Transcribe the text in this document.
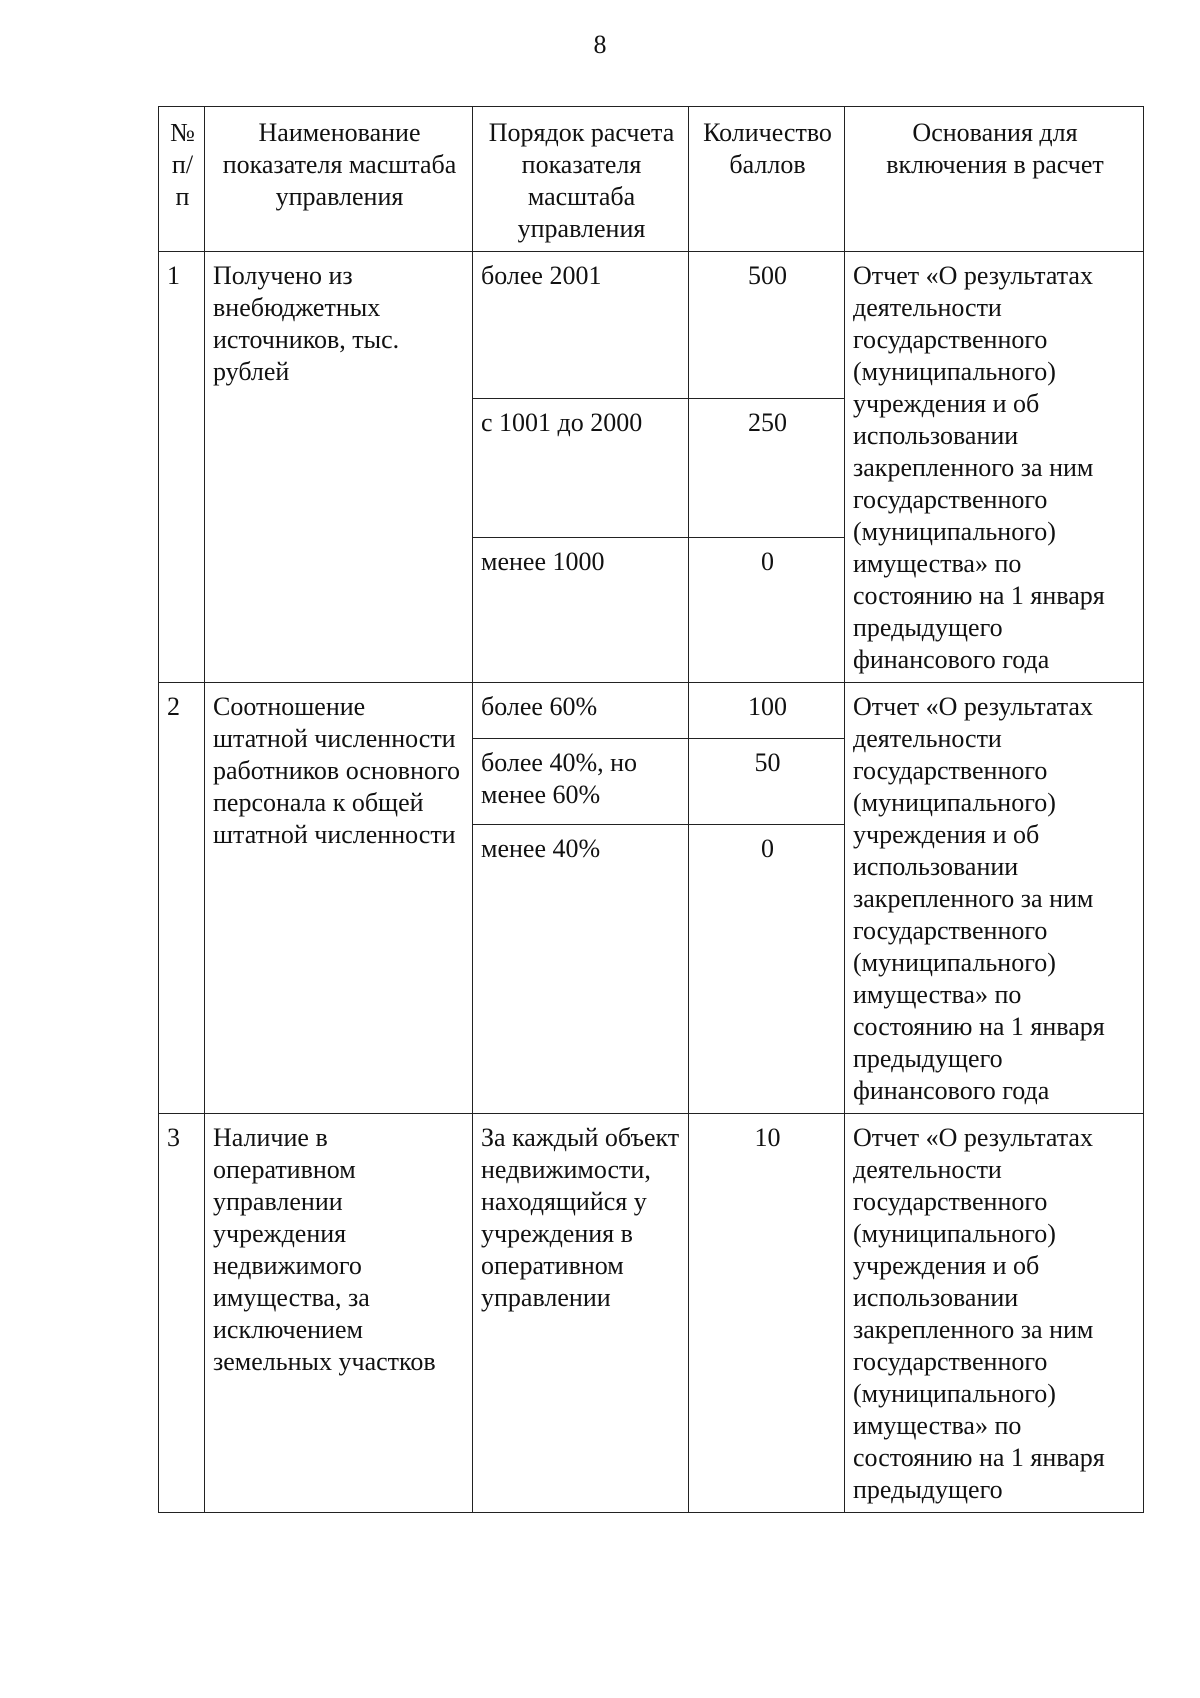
8
№ п/п	Наименование показателя масштаба управления	Порядок расчета показателя масштаба управления	Количество баллов	Основания для включения в расчет
1	Получено из внебюджетных источников, тыс. рублей	более 2001	500	Отчет «О результатах деятельности государственного (муниципального) учреждения и об использовании закрепленного за ним государственного (муниципального) имущества» по состоянию на 1 января предыдущего финансового года
		с 1001 до 2000	250	
		менее 1000	0	
2	Соотношение штатной численности работников основного персонала к общей штатной численности	более 60%	100	Отчет «О результатах деятельности государственного (муниципального) учреждения и об использовании закрепленного за ним государственного (муниципального) имущества» по состоянию на 1 января предыдущего финансового года
		более 40%, но менее 60%	50	
		менее 40%	0	
3	Наличие в оперативном управлении учреждения недвижимого имущества, за исключением земельных участков	За каждый объект недвижимости, находящийся у учреждения в оперативном управлении	10	Отчет «О результатах деятельности государственного (муниципального) учреждения и об использовании закрепленного за ним государственного (муниципального) имущества» по состоянию на 1 января предыдущего
